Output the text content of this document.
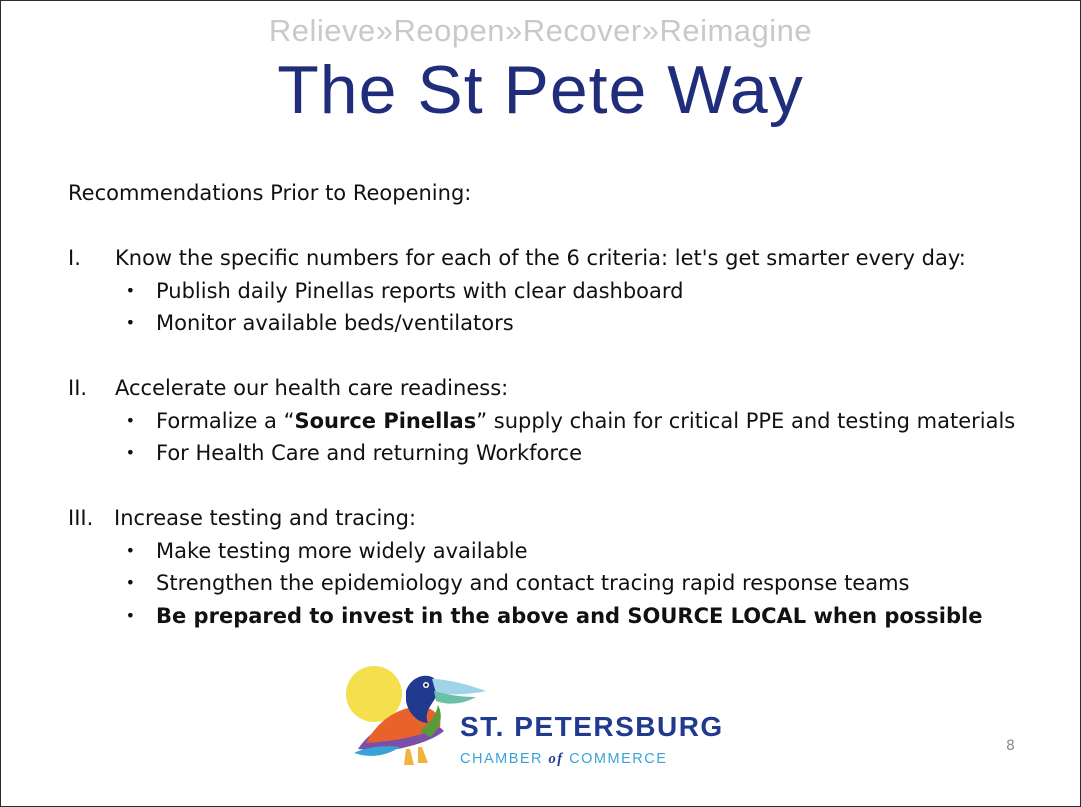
Relieve»Reopen»Recover»Reimagine
The St Pete Way
Recommendations Prior to Reopening:
I.	Know the specific numbers for each of the 6 criteria: let's get smarter every day:
•	Publish daily Pinellas reports with clear dashboard
•	Monitor available beds/ventilators
II.	Accelerate our health care readiness:
•	Formalize a “Source Pinellas” supply chain for critical PPE and testing materials
•	For Health Care and returning Workforce
III. Increase testing and tracing:
•	Make testing more widely available
•	Strengthen the epidemiology and contact tracing rapid response teams
•	Be prepared to invest in the above and SOURCE LOCAL when possible
ST. PETERSBURG
CHAMBER of COMMERCE
8
